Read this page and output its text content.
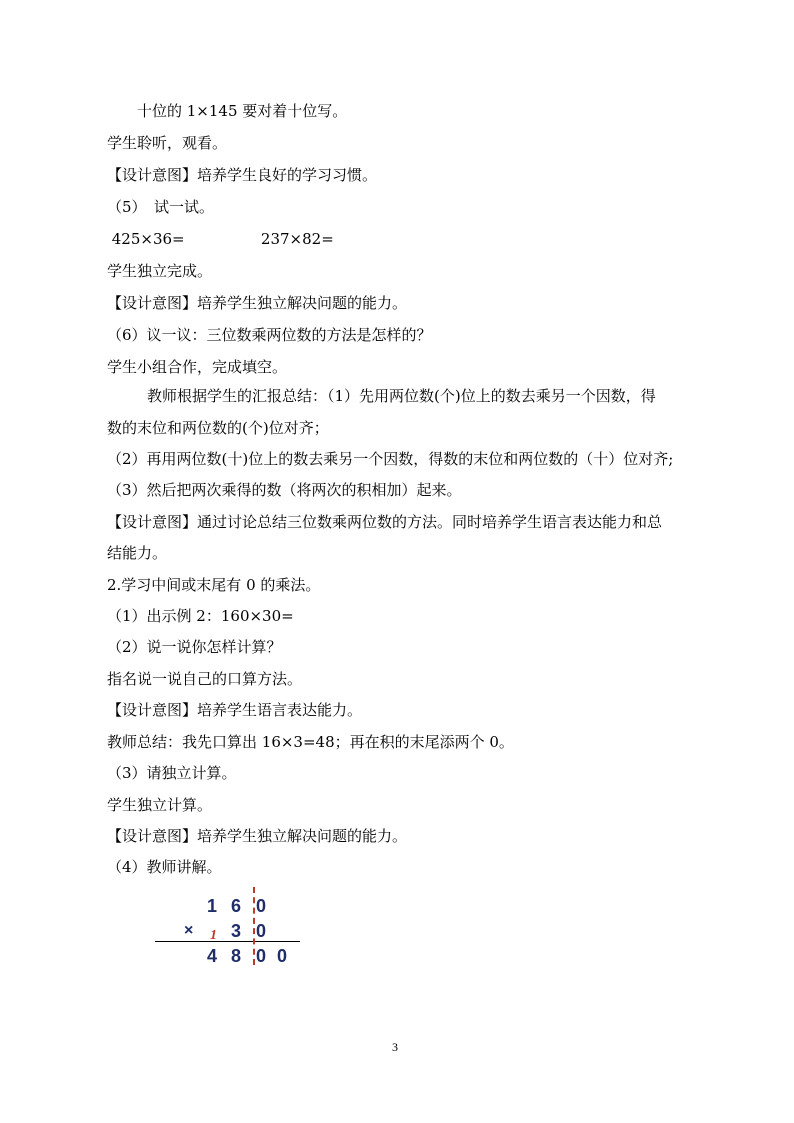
十位的 1×145 要对着十位写。
学生聆听，观看。
【设计意图】培养学生良好的学习习惯。
（5）　试一试。
425×36=                237×82=
学生独立完成。
【设计意图】培养学生独立解决问题的能力。
（6）议一议：三位数乘两位数的方法是怎样的？
学生小组合作，完成填空。
教师根据学生的汇报总结：（1）先用两位数(个)位上的数去乘另一个因数，得
数的末位和两位数的(个)位对齐；
（2）再用两位数(十)位上的数去乘另一个因数，得数的末位和两位数的（十）位对齐;
（3）然后把两次乘得的数（将两次的积相加）起来。
【设计意图】通过讨论总结三位数乘两位数的方法。同时培养学生语言表达能力和总
结能力。
2.学习中间或末尾有 0 的乘法。
（1）出示例 2：160×30=
（2）说一说你怎样计算？
指名说一说自己的口算方法。
【设计意图】培养学生语言表达能力。
教师总结：我先口算出 16×3=48；再在积的末尾添两个 0。
（3）请独立计算。
学生独立计算。
【设计意图】培养学生独立解决问题的能力。
（4）教师讲解。
1 6 0
× 1 3 0
4 8 0 0
3
